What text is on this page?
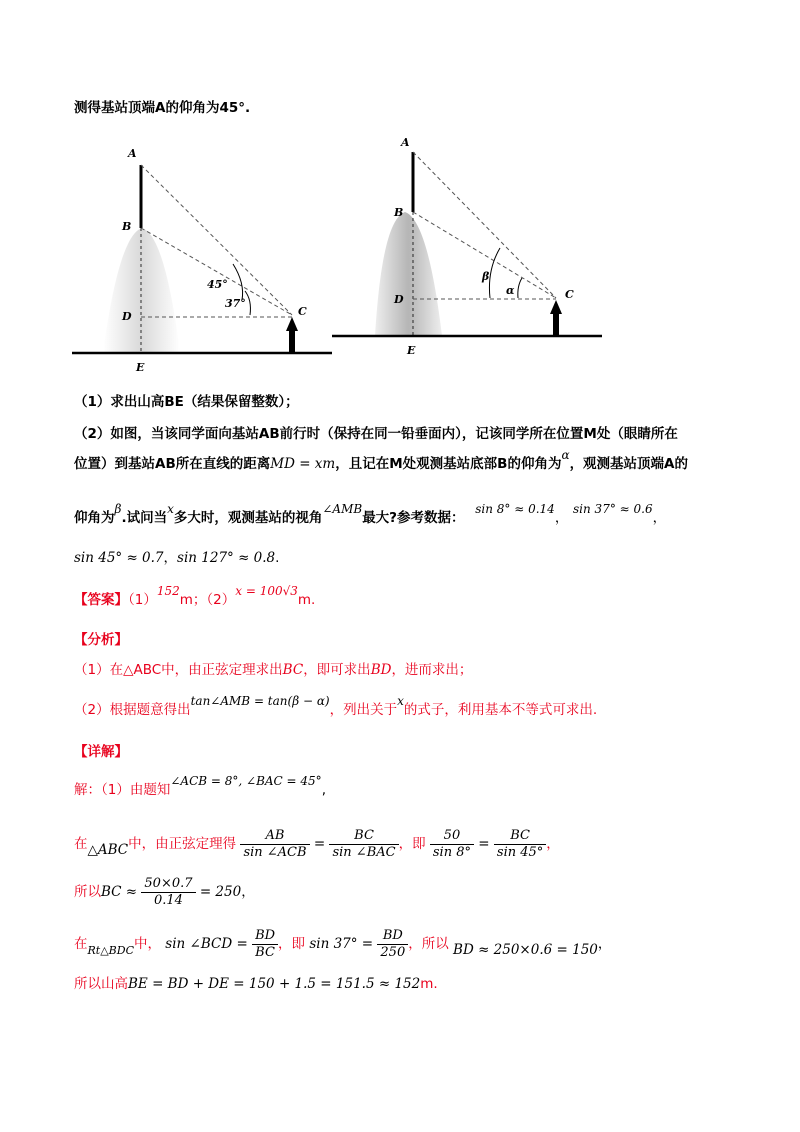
测得基站顶端A的仰角为45°.
A
B
C
D
E
45°
37°
A
B
C
D
E
β
α
（1）求出山高BE（结果保留整数）；
（2）如图，当该同学面向基站AB前行时（保持在同一铅垂面内），记该同学所在位置M处（眼睛所在
位置）到基站AB所在直线的距离MD = xm，且记在M处观测基站底部B的仰角为α，观测基站顶端A的
仰角为β.试问当x多大时，观测基站的视角∠AMB最大?参考数据： sin 8° ≈ 0.14， sin 37° ≈ 0.6，
sin 45° ≈ 0.7，sin 127° ≈ 0.8.
【答案】（1）152m；（2）x = 100√3m.
【分析】
（1）在△ABC中，由正弦定理求出BC，即可求出BD，进而求出；
（2）根据题意得出tan∠AMB = tan(β − α)，列出关于x的式子，利用基本不等式可求出.
【详解】
解：（1）由题知∠ACB = 8°, ∠BAC = 45°,
在△ABC中，由正弦定理得 $\frac{AB}{\text{sin ∠ACB}} = \frac{BC}{\text{sin ∠BAC}}$ ，即 $\frac{50}{\sin 8^\circ} = \frac{BC}{\sin 45^\circ}$ ，
所以BC ≈ $\frac{50\times 0.7}{0.14} = 250$，
在$_{Rt\triangle BDC}$中， sin ∠BCD = $\frac{BD}{BC}$ ，即 $\sin 37^\circ = \frac{BD}{250}$ ，所以 BD ≈ 250×0.6 = 150，
所以山高BE = BD + DE = 150 + 1.5 = 151.5 ≈ 152m.
